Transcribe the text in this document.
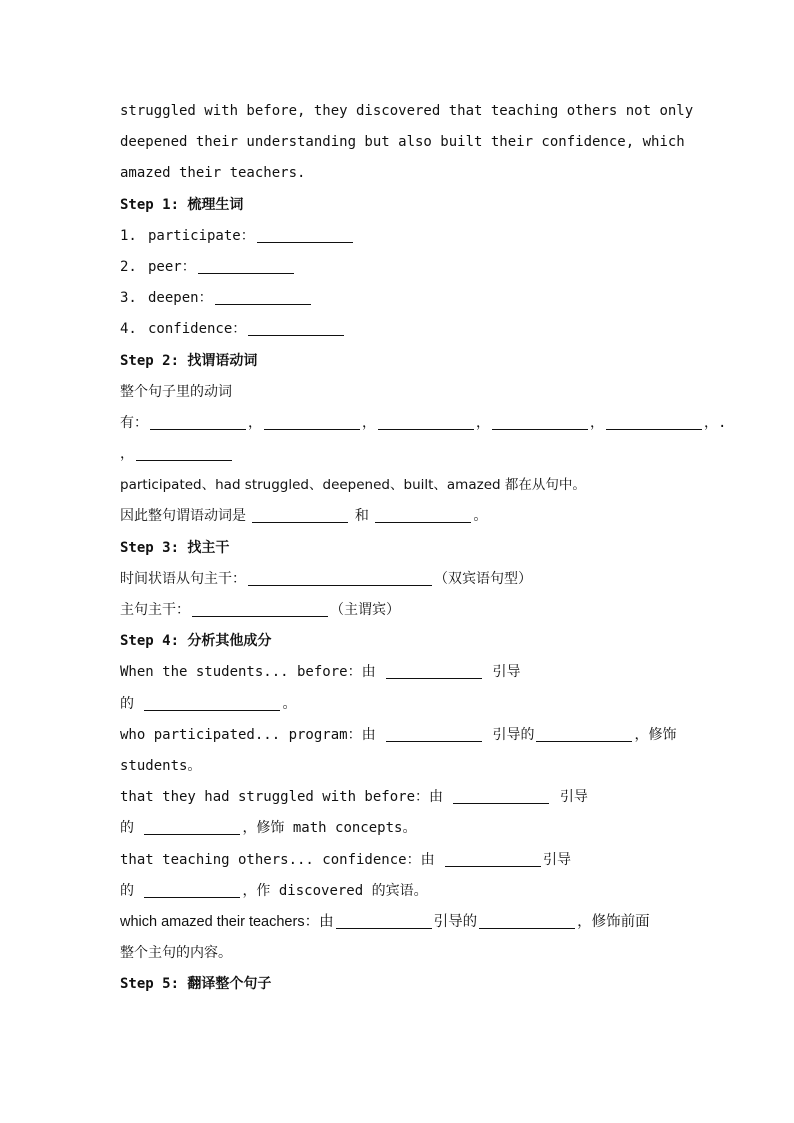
struggled with before, they discovered that teaching others not only
deepened their understanding but also built their confidence, which
amazed their teachers.
Step 1: 梳理生词
1. participate：
2. peer：
3. deepen：
4. confidence：
Step 2: 找谓语动词
整个句子里的动词
有：	，	，	，	，	，.
，
participated、had struggled、deepened、built、amazed 都在从句中。
因此整句谓语动词是	和	。
Step 3: 找主干
时间状语从句主干：	（双宾语句型）
主句主干：	（主谓宾）
Step 4: 分析其他成分
When the students... before：由	引导
的	。
who participated... program：由	引导的	，修饰
students。
that they had struggled with before：由	引导
的	，修饰 math concepts。
that teaching others... confidence：由	引导
的	，作 discovered 的宾语。
which amazed their teachers：由	引导的	，修饰前面
整个主句的内容。
Step 5: 翻译整个句子
